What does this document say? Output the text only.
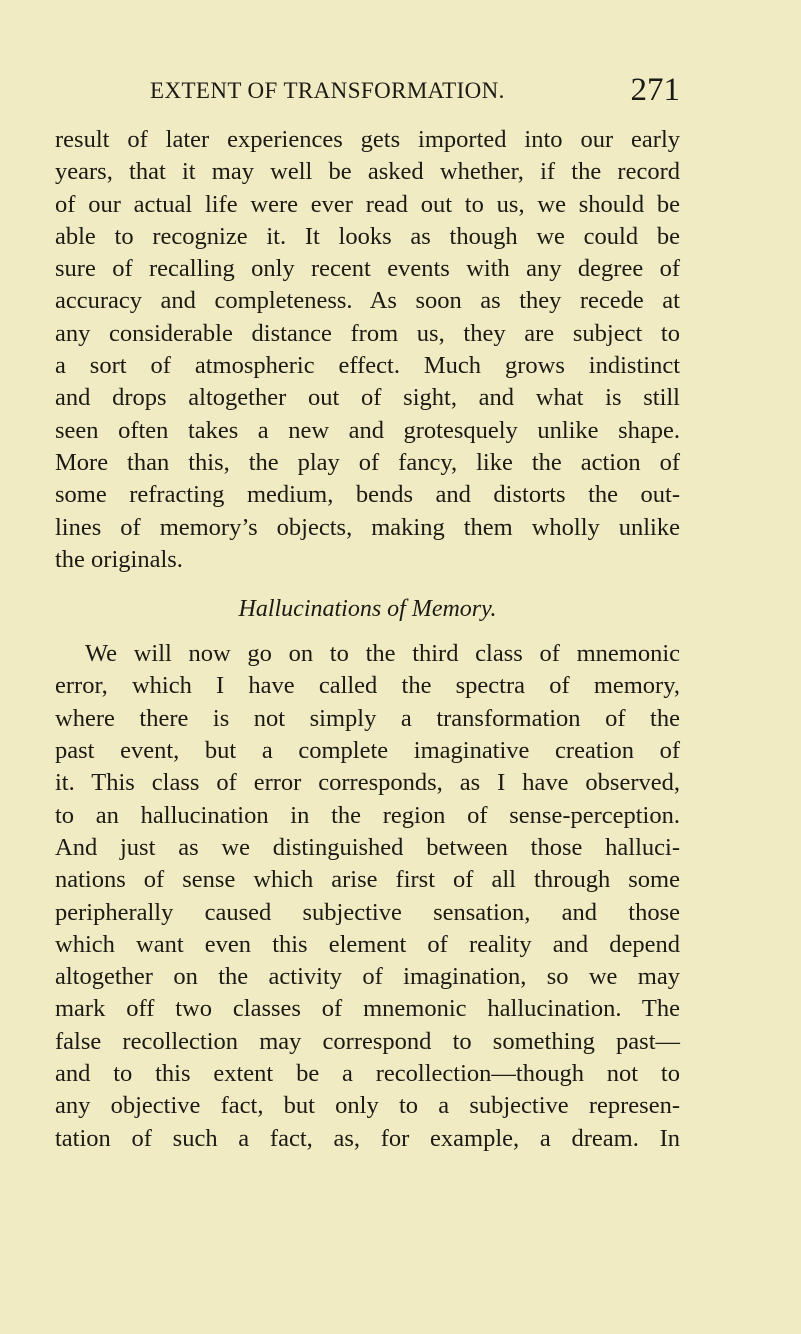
EXTENT OF TRANSFORMATION.	271
result of later experiences gets imported into our early
years, that it may well be asked whether, if the record
of our actual life were ever read out to us, we should be
able to recognize it. It looks as though we could be
sure of recalling only recent events with any degree of
accuracy and completeness. As soon as they recede at
any considerable distance from us, they are subject to
a sort of atmospheric effect. Much grows indistinct
and drops altogether out of sight, and what is still
seen often takes a new and grotesquely unlike shape.
More than this, the play of fancy, like the action of
some refracting medium, bends and distorts the out-
lines of memory’s objects, making them wholly unlike
the originals.
Hallucinations of Memory.
We will now go on to the third class of mnemonic
error, which I have called the spectra of memory,
where there is not simply a transformation of the
past event, but a complete imaginative creation of
it. This class of error corresponds, as I have observed,
to an hallucination in the region of sense-perception.
And just as we distinguished between those halluci-
nations of sense which arise first of all through some
peripherally caused subjective sensation, and those
which want even this element of reality and depend
altogether on the activity of imagination, so we may
mark off two classes of mnemonic hallucination. The
false recollection may correspond to something past—
and to this extent be a recollection—though not to
any objective fact, but only to a subjective represen-
tation of such a fact, as, for example, a dream. In
